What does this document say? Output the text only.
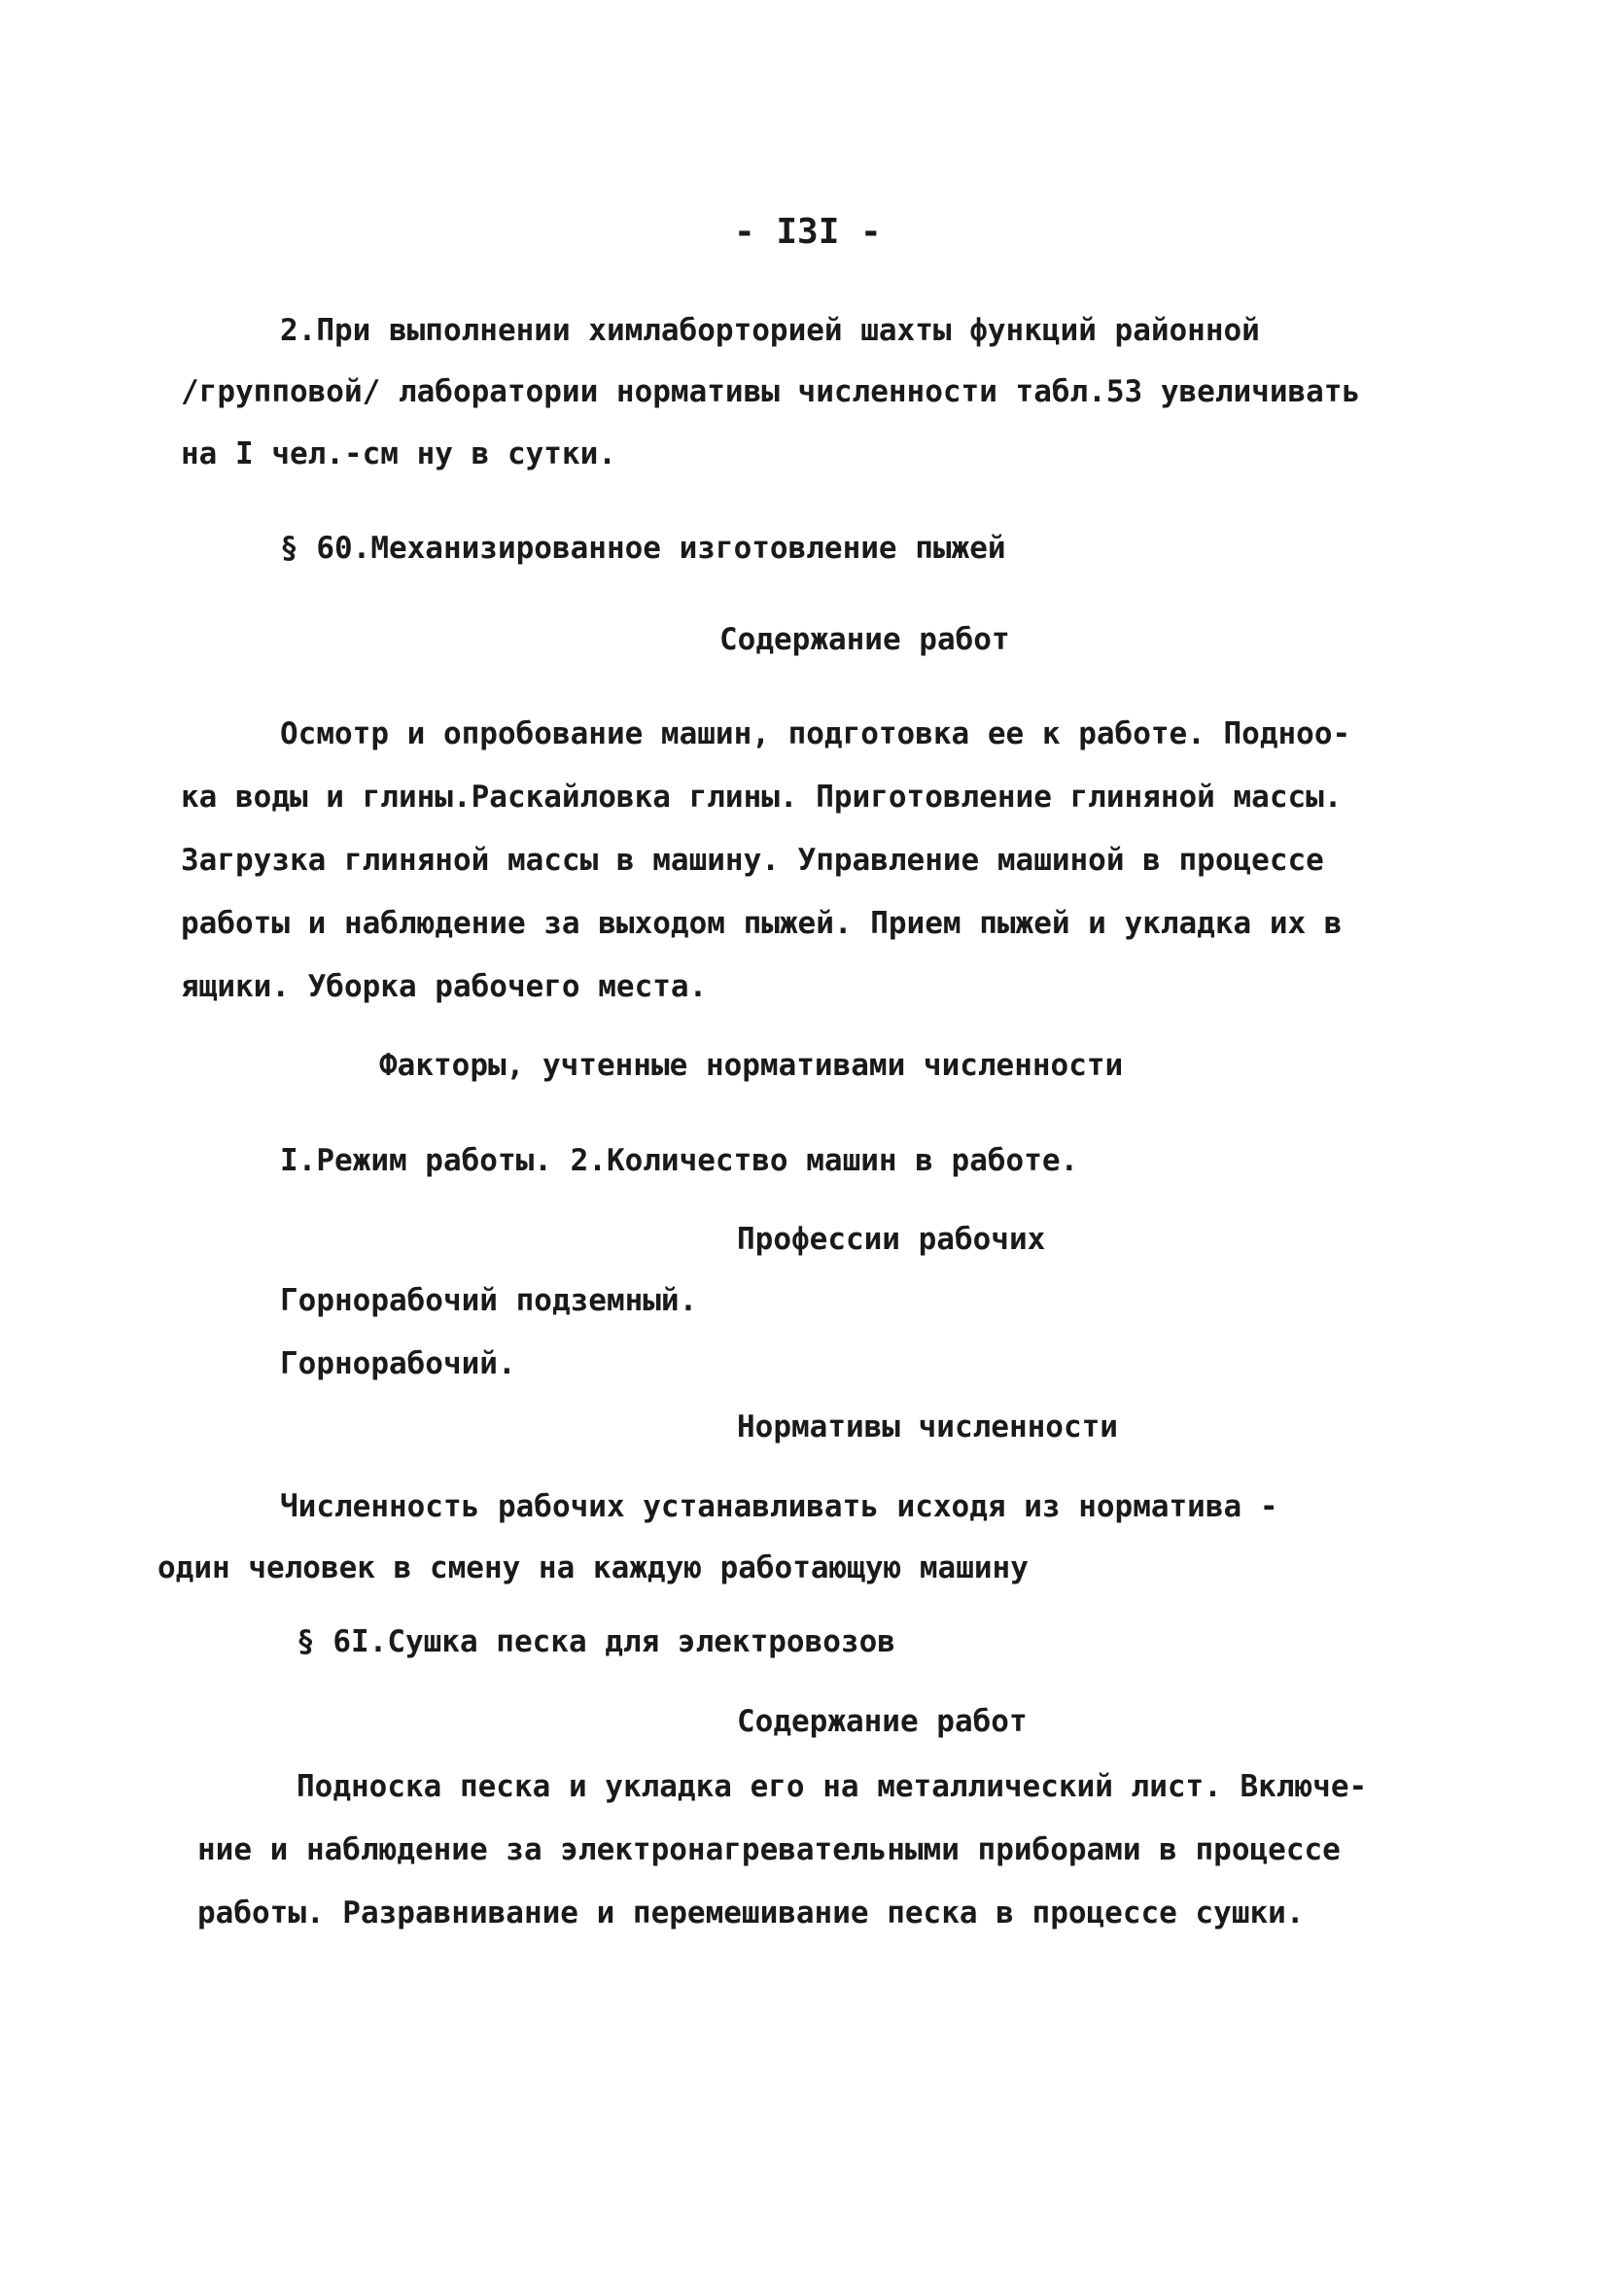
- I3I -
2.При выполнении химлаборторией шахты функций районной
/групповой/ лаборатории нормативы численности табл.53 увеличивать
на I чел.-см ну в сутки.
§ 60.Механизированное изготовление пыжей
Содержание работ
Осмотр и опробование машин, подготовка ее к работе. Подноо-
ка воды и глины.Раскайловка глины. Приготовление глиняной массы.
Загрузка глиняной массы в машину. Управление машиной в процессе
работы и наблюдение за выходом пыжей. Прием пыжей и укладка их в
ящики. Уборка рабочего места.
Факторы, учтенные нормативами численности
I.Режим работы. 2.Количество машин в работе.
Профессии рабочих
Горнорабочий подземный.
Горнорабочий.
Нормативы численности
Численность рабочих устанавливать исходя из норматива -
один человек в смену на каждую работающую машину
§ 6I.Сушка песка для электровозов
Содержание работ
Подноска песка и укладка его на металлический лист. Включе-
ние и наблюдение за электронагревательными приборами в процессе
работы. Разравнивание и перемешивание песка в процессе сушки.
